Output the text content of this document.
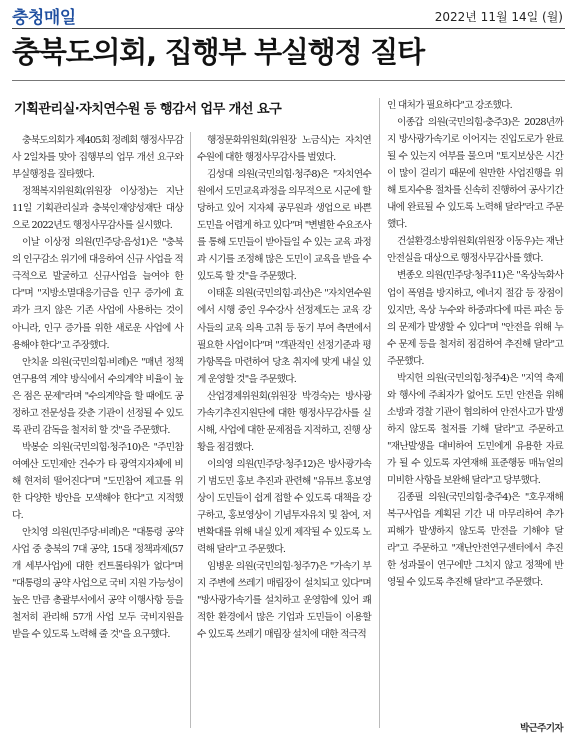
충청매일	2022년 11월 14일 (월)
충북도의회, 집행부 부실행정 질타
기획관리실·자치연수원 등 행감서 업무 개선 요구

충북도의회가 제405회 정례회 행정사무감사 2일차를 맞아 집행부의 업무 개선 요구와 부실행정을 질타했다.

정책복지위원회(위원장 이상정)는 지난 11일 기획관리실과 충북인재양성재단 대상으로 2022년도 행정사무감사를 실시했다.

이날 이상정 의원(민주당·음성1)은 "충북의 인구감소 위기에 대응하여 신규 사업을 적극적으로 발굴하고 신규사업을 늘여야 한다"며 "지방소멸대응기금을 인구 증가에 효과가 크지 않은 기존 사업에 사용하는 것이 아니라, 인구 증가를 위한 새로운 사업에 사용해야 한다"고 주장했다.

안치윤 의원(국민의힘·비례)은 "매년 정책연구용역 계약 방식에서 수의계약 비율이 높은 점은 문제"라며 "수의계약을 할 때에도 공정하고 전문성을 갖춘 기관이 선정될 수 있도록 관리 감독을 철저히 할 것"을 주문했다.

박봉순 의원(국민의힘·청주10)은 "주민참여예산 도민제안 건수가 타 광역지자체에 비해 현저히 떨어진다"며 "도민참여 제고를 위한 다양한 방안을 모색해야 한다"고 지적했다.

안치영 의원(민주당·비례)은 "대통령 공약사업 중 충북의 7대 공약, 15대 정책과제(57개 세부사업)에 대한 컨트롤타워가 없다"며 "대통령의 공약 사업으로 국비 지원 가능성이 높은 만큼 총괄부서에서 공약 이행사항 등을 철저히 관리해 57개 사업 모두 국비지원을 받을 수 있도록 노력해 줄 것"을 요구했다.

행정문화위원회(위원장 노금식)는 자치연수원에 대한 행정사무감사를 벌였다.

김성대 의원(국민의힘·청주8)은 "자치연수원에서 도민교육과정을 의무적으로 시군에 할당하고 있어 지자체 공무원과 생업으로 바쁜 도민을 어렵게 하고 있다"며 "변별한 수요조사를 통해 도민들이 받아들일 수 있는 교육 과정과 시기를 조정해 많은 도민이 교육을 받을 수 있도록 할 것"을 주문했다.

이태훈 의원(국민의힘·괴산)은 "자치연수원에서 시행 중인 우수강사 선정제도는 교육 강사들의 교육 의욕 고취 등 동기 부여 측면에서 필요한 사업이다"며 "객관적인 선정기준과 평가항목을 마련하여 당초 취지에 맞게 내실 있게 운영할 것"을 주문했다.

산업경제위원회(위원장 박경숙)는 방사광가속기추진지원단에 대한 행정사무감사를 실시해, 사업에 대한 문제점을 지적하고, 진행 상황을 점검했다.

이의영 의원(민주당·청주12)은 방사광가속기 범도민 홍보 추진과 관련해 "유튜브 홍보영상이 도민들이 쉽게 접할 수 있도록 대책을 강구하고, 홍보영상이 기념투자유치 및 참여, 저변확대를 위해 내실 있게 제작될 수 있도록 노력해 달라"고 주문했다.

임병운 의원(국민의힘·청주7)은 "가속기 부지 주변에 쓰레기 매립장이 설치되고 있다"며 "방사광가속기를 설치하고 운영함에 있어 쾌적한 환경에서 많은 기업과 도민들이 이용할 수 있도록 쓰레기 매립장 설치에 대한 적극적

인 대처가 필요하다"고 강조했다.

이종갑 의원(국민의힘·충주3)은 2028년까지 방사광가속기로 이어지는 진입도로가 완료될 수 있는지 여부를 물으며 "토지보상은 시간이 많이 걸리기 때문에 원만한 사업진행을 위해 토지수용 절차를 신속히 진행하여 공사기간 내에 완료될 수 있도록 노력해 달라"라고 주문했다.

건설환경소방위원회(위원장 이동우)는 재난안전실을 대상으로 행정사무감사를 했다.

변종오 의원(민주당·청주11)은 "옥상녹화사업이 폭염을 방지하고, 에너지 절감 등 장점이 있지만, 옥상 누수와 하중과다에 따른 파손 등의 문제가 발생할 수 있다"며 "안전을 위해 누수 문제 등을 철저히 점검하여 추진해 달라"고 주문했다.

박지헌 의원(국민의힘·청주4)은 "지역 축제와 행사에 주최자가 없어도 도민 안전을 위해 소방과 경찰 기관이 협의하여 안전사고가 발생하지 않도록 철저를 기해 달라"고 주문하고 "재난발생을 대비하여 도민에게 유용한 자료가 될 수 있도록 자연재해 표준행동 매뉴얼의 미비한 사항을 보완해 달라"고 당부했다.

김종필 의원(국민의힘·충주4)은 "호우재해 복구사업을 계획된 기간 내 마무리하여 추가 피해가 발생하지 않도록 만전을 기해야 달라"고 주문하고 "재난안전연구센터에서 추진한 성과물이 연구에만 그치지 않고 정책에 반영될 수 있도록 추진해 달라"고 주문했다.

박근주기자
